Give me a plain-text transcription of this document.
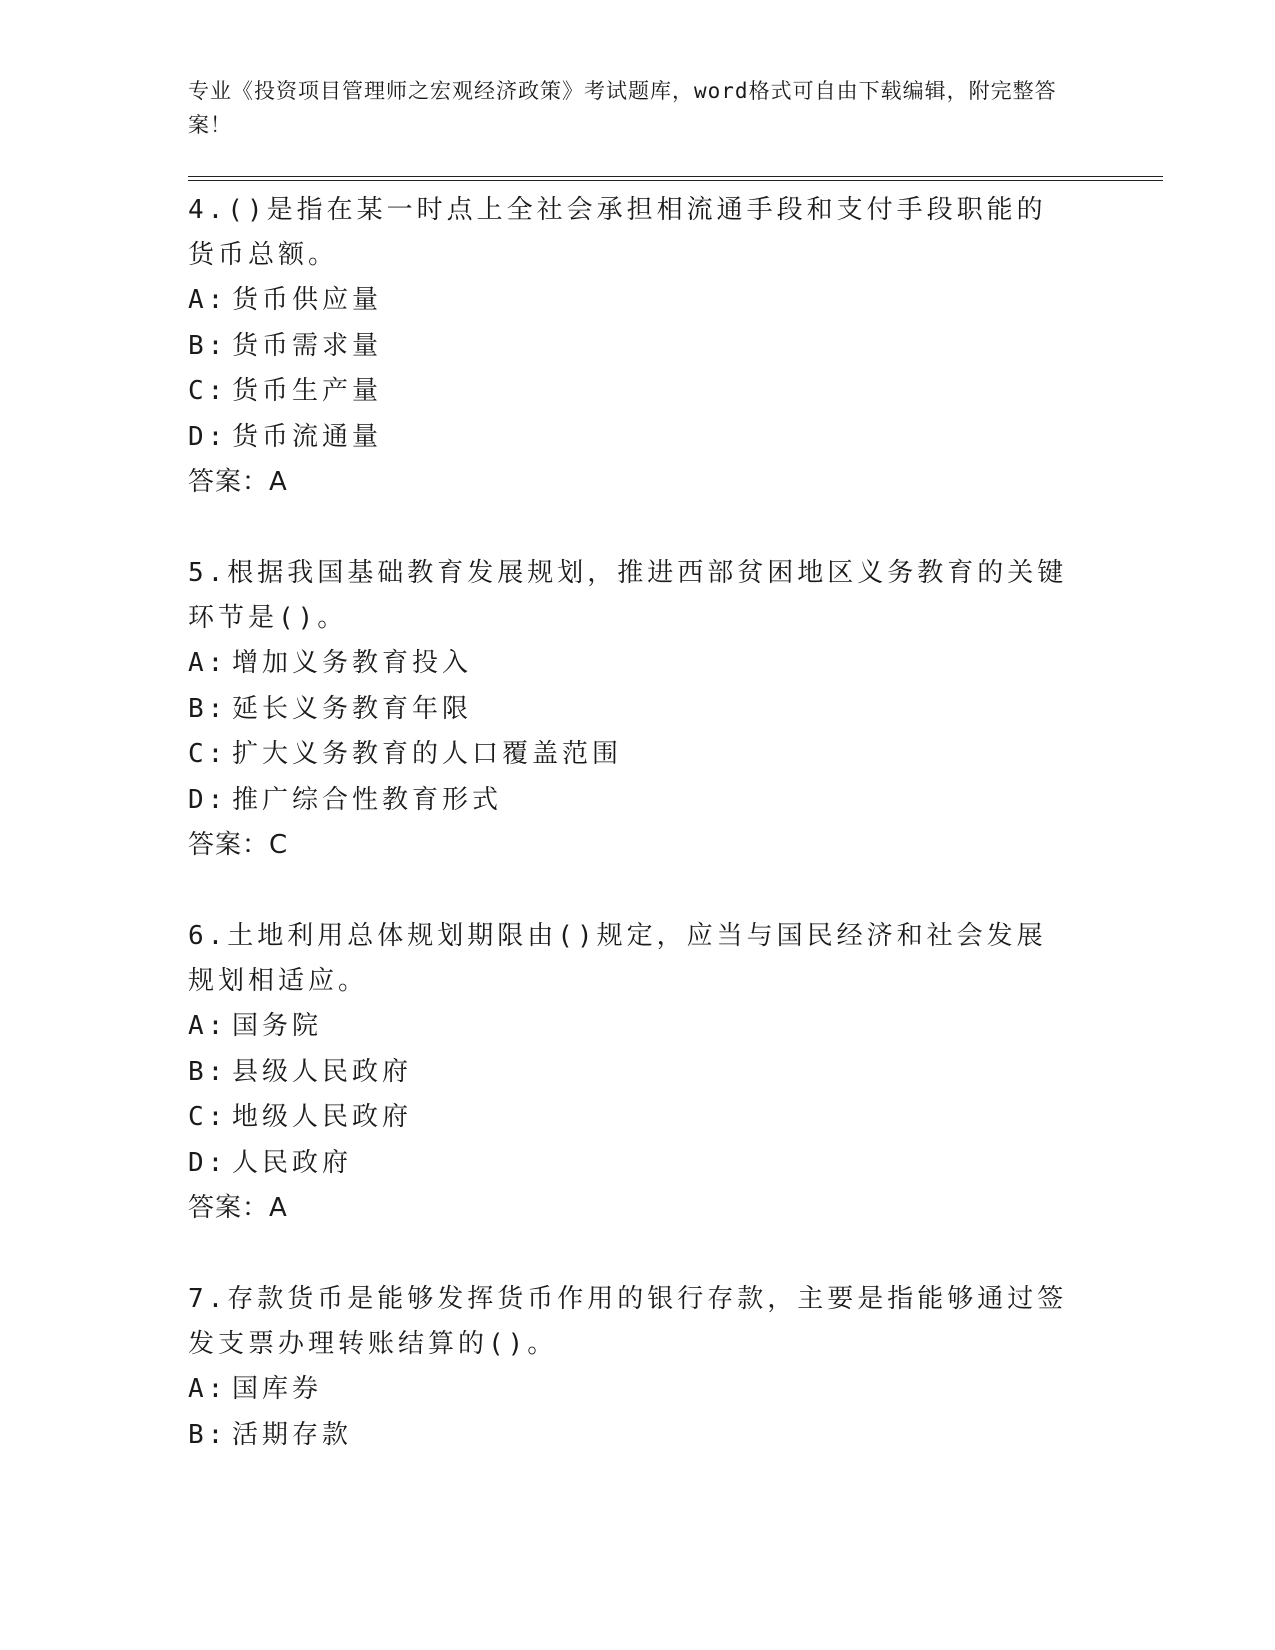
专业《投资项目管理师之宏观经济政策》考试题库，word格式可自由下载编辑，附完整答案！

4.()是指在某一时点上全社会承担相流通手段和支付手段职能的货币总额。

A: 货币供应量
B: 货币需求量
C: 货币生产量
D: 货币流通量
答案：A

5.根据我国基础教育发展规划，推进西部贫困地区义务教育的关键环节是()。

A: 增加义务教育投入
B: 延长义务教育年限
C: 扩大义务教育的人口覆盖范围
D: 推广综合性教育形式
答案：C

6.土地利用总体规划期限由()规定，应当与国民经济和社会发展规划相适应。

A: 国务院
B: 县级人民政府
C: 地级人民政府
D: 人民政府
答案：A

7.存款货币是能够发挥货币作用的银行存款，主要是指能够通过签发支票办理转账结算的()。

A: 国库券
B: 活期存款
